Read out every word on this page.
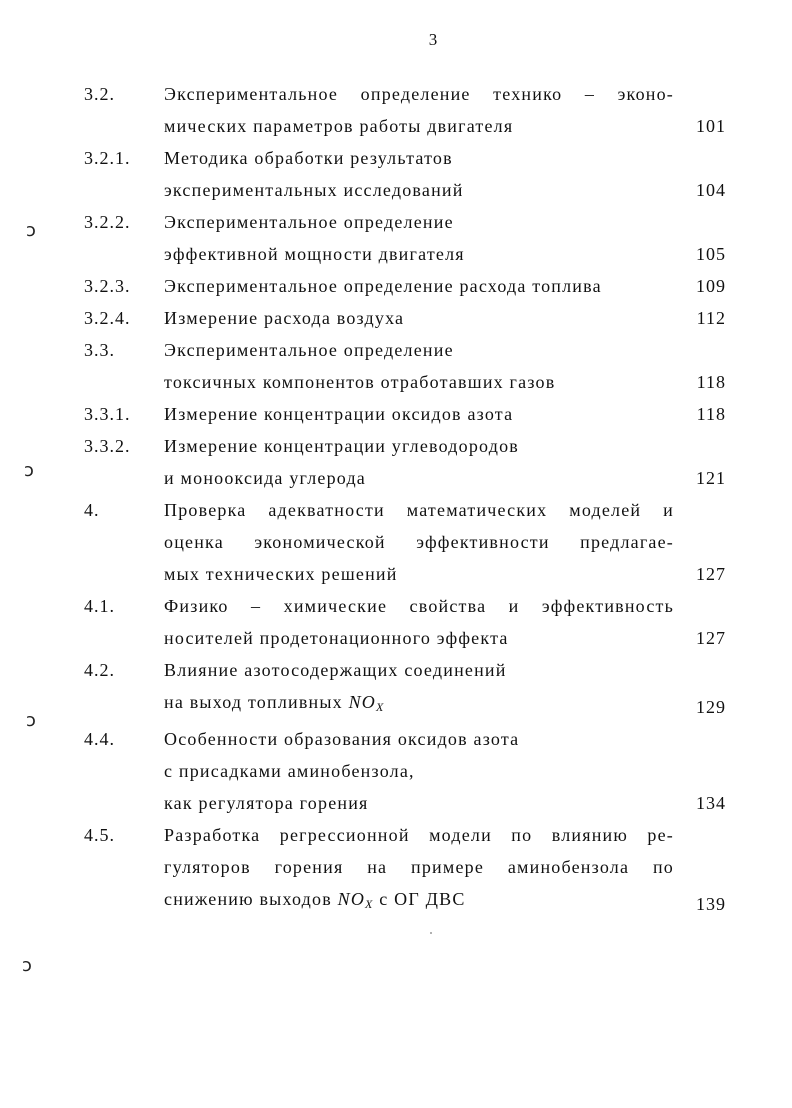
3
3.2.	Экспериментальное определение технико – эконо-
мических параметров работы двигателя	101
3.2.1. Методика обработки результатов
экспериментальных исследований	104
3.2.2. Экспериментальное определение
эффективной мощности двигателя	105
3.2.3. Экспериментальное определение расхода топлива	109
3.2.4. Измерение расхода воздуха	112
3.3.	Экспериментальное определение
токсичных компонентов отработавших газов	118
3.3.1. Измерение концентрации оксидов азота	118
3.3.2. Измерение концентрации углеводородов
и монооксида углерода	121
4.	Проверка адекватности математических моделей и
оценка экономической эффективности предлагае-
мых технических решений	127
4.1.	Физико – химические свойства и эффективность
носителей продетонационного эффекта	127
4.2.	Влияние азотосодержащих соединений
на выход топливных $NO_X$	129
4.4.	Особенности образования оксидов азота
с присадками аминобензола,
как регулятора горения	134
4.5.	Разработка регрессионной модели по влиянию ре-
гуляторов горения на примере аминобензола по
снижению выходов $NO_X$ с ОГ ДВС	139
ↄ
ↄ
ↄ
ↄ
